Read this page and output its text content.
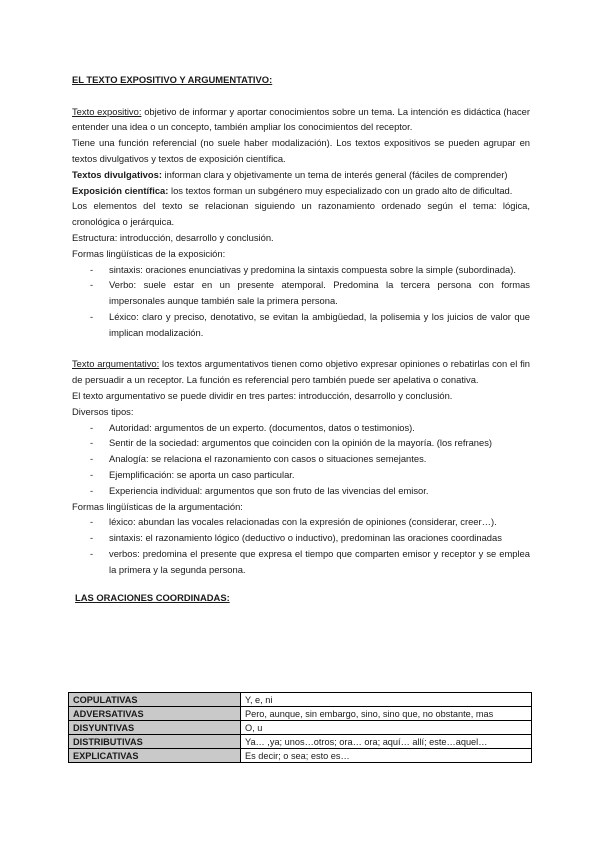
EL TEXTO EXPOSITIVO Y ARGUMENTATIVO:

Texto expositivo: objetivo de informar y aportar conocimientos sobre un tema. La intención es didáctica (hacer entender una idea o un concepto, también ampliar los conocimientos del receptor.

Tiene una función referencial (no suele haber modalización). Los textos expositivos se pueden agrupar en textos divulgativos y textos de exposición científica.

Textos divulgativos: informan clara y objetivamente un tema de interés general (fáciles de comprender)

Exposición científica: los textos forman un subgénero muy especializado con un grado alto de dificultad.

Los elementos del texto se relacionan siguiendo un razonamiento ordenado según el tema: lógica, cronológica o jerárquica.

Estructura: introducción, desarrollo y conclusión.

Formas lingüísticas de la exposición:

- sintaxis: oraciones enunciativas y predomina la sintaxis compuesta sobre la simple (subordinada).
- Verbo: suele estar en un presente atemporal. Predomina la tercera persona con formas impersonales aunque también sale la primera persona.
- Léxico: claro y preciso, denotativo, se evitan la ambigüedad, la polisemia y los juicios de valor que implican modalización.

Texto argumentativo: los textos argumentativos tienen como objetivo expresar opiniones o rebatirlas con el fin de persuadir a un receptor. La función es referencial pero también puede ser apelativa o conativa.

El texto argumentativo se puede dividir en tres partes: introducción, desarrollo y conclusión.

Diversos tipos:

- Autoridad: argumentos de un experto. (documentos, datos o testimonios).
- Sentir de la sociedad: argumentos que coinciden con la opinión de la mayoría. (los refranes)
- Analogía: se relaciona el razonamiento con casos o situaciones semejantes.
- Ejemplificación: se aporta un caso particular.
- Experiencia individual: argumentos que son fruto de las vivencias del emisor.

Formas lingüísticas de la argumentación:

- léxico: abundan las vocales relacionadas con la expresión de opiniones (considerar, creer…).
- sintaxis: el razonamiento lógico (deductivo o inductivo), predominan las oraciones coordinadas
- verbos: predomina el presente que expresa el tiempo que comparten emisor y receptor y se emplea la primera y la segunda persona.

LAS ORACIONES COORDINADAS:

COPULATIVAS	Y, e, ni
ADVERSATIVAS	Pero, aunque, sin embargo, sino, sino que, no obstante, mas
DISYUNTIVAS	O, u
DISTRIBUTIVAS	Ya… ,ya; unos…otros; ora… ora; aquí… allí; este…aquel…
EXPLICATIVAS	Es decir; o sea; esto es…
